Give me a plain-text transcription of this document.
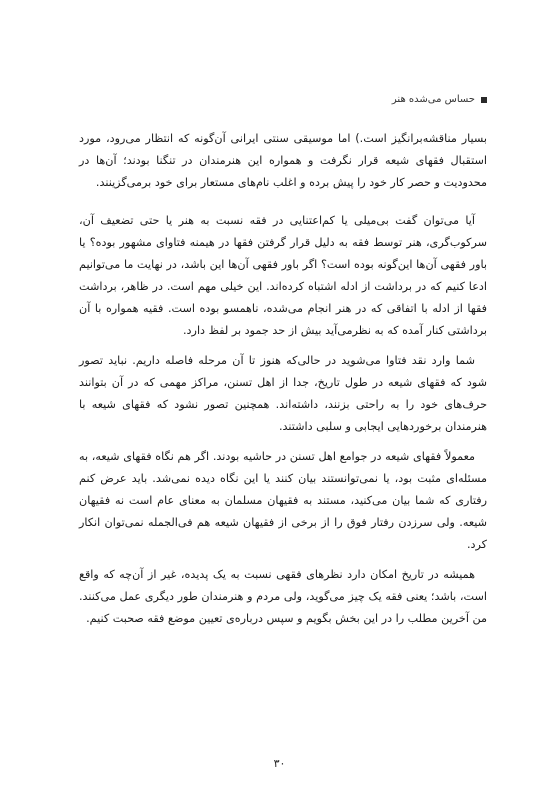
حساس می‌شده هنر

بسیار مناقشه‌برانگیز است.) اما موسیقی سنتی ایرانی آن‌گونه که انتظار می‌رود، مورد استقبال فقهای شیعه قرار نگرفت و همواره این هنرمندان در تنگنا بودند؛ آن‌ها در محدودیت و حصر کار خود را پیش برده و اغلب نام‌های مستعار برای خود برمی‌گزینند.

آیا می‌توان گفت بی‌میلی یا کم‌اعتنایی در فقه نسبت به هنر یا حتی تضعیف آن، سرکوب‌گری، هنر توسط فقه به دلیل قرار گرفتن فقها در هیمنه فتاوای مشهور بوده؟ یا باور فقهی آن‌ها این‌گونه بوده است؟ اگر باور فقهی آن‌ها این باشد، در نهایت ما می‌توانیم ادعا کنیم که در برداشت از ادله اشتباه کرده‌اند. این خیلی مهم است. در ظاهر، برداشت فقها از ادله با اتفاقی که در هنر انجام می‌شده، ناهمسو بوده است. فقیه همواره با آن برداشتی کنار آمده که به نظرمی‌آید بیش از حد جمود بر لفظ دارد.

شما وارد نقد فتاوا می‌شوید در حالی‌که هنوز تا آن مرحله فاصله داریم. نباید تصور شود که فقهای شیعه در طول تاریخ، جدا از اهل تسنن، مراکز مهمی که در آن بتوانند حرف‌های خود را به راحتی بزنند، داشته‌اند. همچنین تصور نشود که فقهای شیعه با هنرمندان برخوردهایی ایجابی و سلبی داشتند.

معمولاً فقهای شیعه در جوامع اهل تسنن در حاشیه بودند. اگر هم نگاه فقهای شیعه، به مسئله‌ای مثبت بود، یا نمی‌توانستند بیان کنند یا این نگاه دیده نمی‌شد. باید عرض کنم رفتاری که شما بیان می‌کنید، مستند به فقیهان مسلمان به معنای عام است نه فقیهان شیعه. ولی سرزدن رفتار فوق را از برخی از فقیهان شیعه هم فی‌الجمله نمی‌توان انکار کرد.

همیشه در تاریخ امکان دارد نظرهای فقهی نسبت به یک پدیده، غیر از آن‌چه که واقع است، باشد؛ یعنی فقه یک چیز می‌گوید، ولی مردم و هنرمندان طور دیگری عمل می‌کنند. من آخرین مطلب را در این بخش بگویم و سپس درباره‌ی تعیین موضع فقه صحبت کنیم.

۳۰
